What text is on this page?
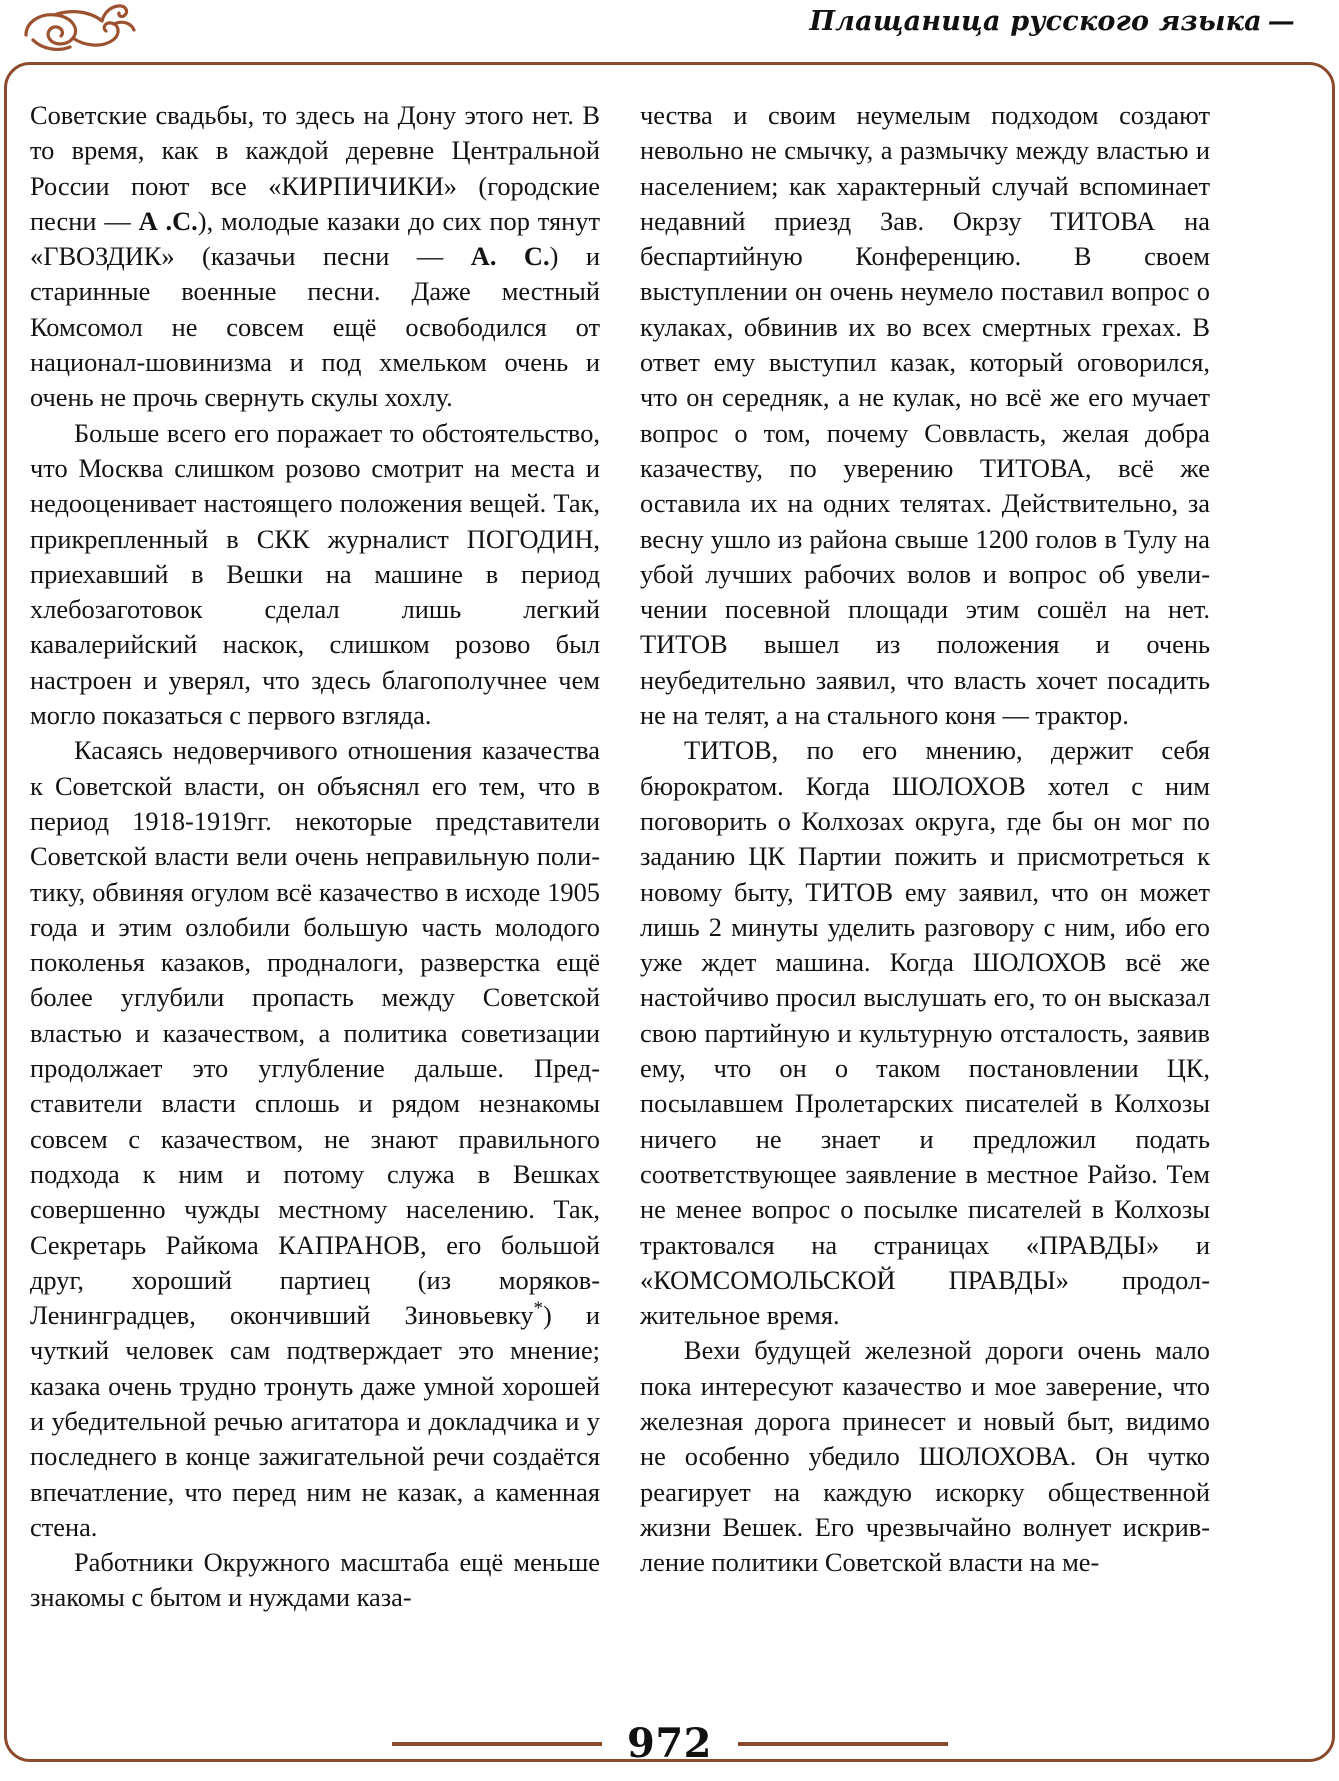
Плащаница русского языка —

Советские свадьбы, то здесь на Дону этого нет. В то время, как в каждой деревне Центральной России поют все «КИРПИЧИКИ» (городские песни — А .С.), молодые казаки до сих пор тянут «ГВОЗДИК» (казачьи песни — А. С.) и старинные военные песни. Даже местный Комсомол не совсем ещё освободился от национал-шовинизма и под хмельком очень и очень не прочь свернуть скулы хохлу.

Больше всего его поражает то обстоятельство, что Москва слишком розово смотрит на места и недооценивает настоящего положения вещей. Так, прикрепленный в СКК журналист ПОГОДИН, приехавший в Вешки на машине в период хлебозаготовок сделал лишь легкий кавалерийский наскок, слишком розово был настроен и уверял, что здесь благополучнее чем могло показаться с первого взгляда.

Касаясь недоверчивого отношения казачества к Советской власти, он объяснял его тем, что в период 1918-1919гг. некоторые представители Советской власти вели очень неправильную политику, обвиняя огулом всё казачество в исходе 1905 года и этим озлобили большую часть молодого поколенья казаков, продналоги, разверстка ещё более углубили пропасть между Советской властью и казачеством, а политика советизации продолжает это углубление дальше. Представители власти сплошь и рядом незнакомы совсем с казачеством, не знают правильного подхода к ним и потому служа в Вешках совершенно чужды местному населению. Так, Секретарь Райкома КАПРАНОВ, его большой друг, хороший партиец (из моряков-Ленинградцев, окончивший Зиновьевку*) и чуткий человек сам подтверждает это мнение; казака очень трудно тронуть даже умной хорошей и убедительной речью агитатора и докладчика и у последнего в конце зажигательной речи создаётся впечатление, что перед ним не казак, а каменная стена.

Работники Окружного масштаба ещё меньше знакомы с бытом и нуждами каза-

чества и своим неумелым подходом создают невольно не смычку, а размычку между властью и населением; как характерный случай вспоминает недавний приезд Зав. Окрзу ТИТОВА на беспартийную Конференцию. В своем выступлении он очень неумело поставил вопрос о кулаках, обвинив их во всех смертных грехах. В ответ ему выступил казак, который оговорился, что он середняк, а не кулак, но всё же его мучает вопрос о том, почему Соввласть, желая добра казачеству, по уверению ТИТОВА, всё же оставила их на одних телятах. Действительно, за весну ушло из района свыше 1200 голов в Тулу на убой лучших рабочих волов и вопрос об увеличении посевной площади этим сошёл на нет. ТИТОВ вышел из положения и очень неубедительно заявил, что власть хочет посадить не на телят, а на стального коня — трактор.

ТИТОВ, по его мнению, держит себя бюрократом. Когда ШОЛОХОВ хотел с ним поговорить о Колхозах округа, где бы он мог по заданию ЦК Партии пожить и присмотреться к новому быту, ТИТОВ ему заявил, что он может лишь 2 минуты уделить разговору с ним, ибо его уже ждет машина. Когда ШОЛОХОВ всё же настойчиво просил выслушать его, то он высказал свою партийную и культурную отсталость, заявив ему, что он о таком постановлении ЦК, посылавшем Пролетарских писателей в Колхозы ничего не знает и предложил подать соответствующее заявление в местное Райзо. Тем не менее вопрос о посылке писателей в Колхозы трактовался на страницах «ПРАВДЫ» и «КОМСОМОЛЬСКОЙ ПРАВДЫ» продолжительное время.

Вехи будущей железной дороги очень мало пока интересуют казачество и мое заверение, что железная дорога принесет и новый быт, видимо не особенно убедило ШОЛОХОВА. Он чутко реагирует на каждую искорку общественной жизни Вешек. Его чрезвычайно волнует искривление политики Советской власти на ме-

972
